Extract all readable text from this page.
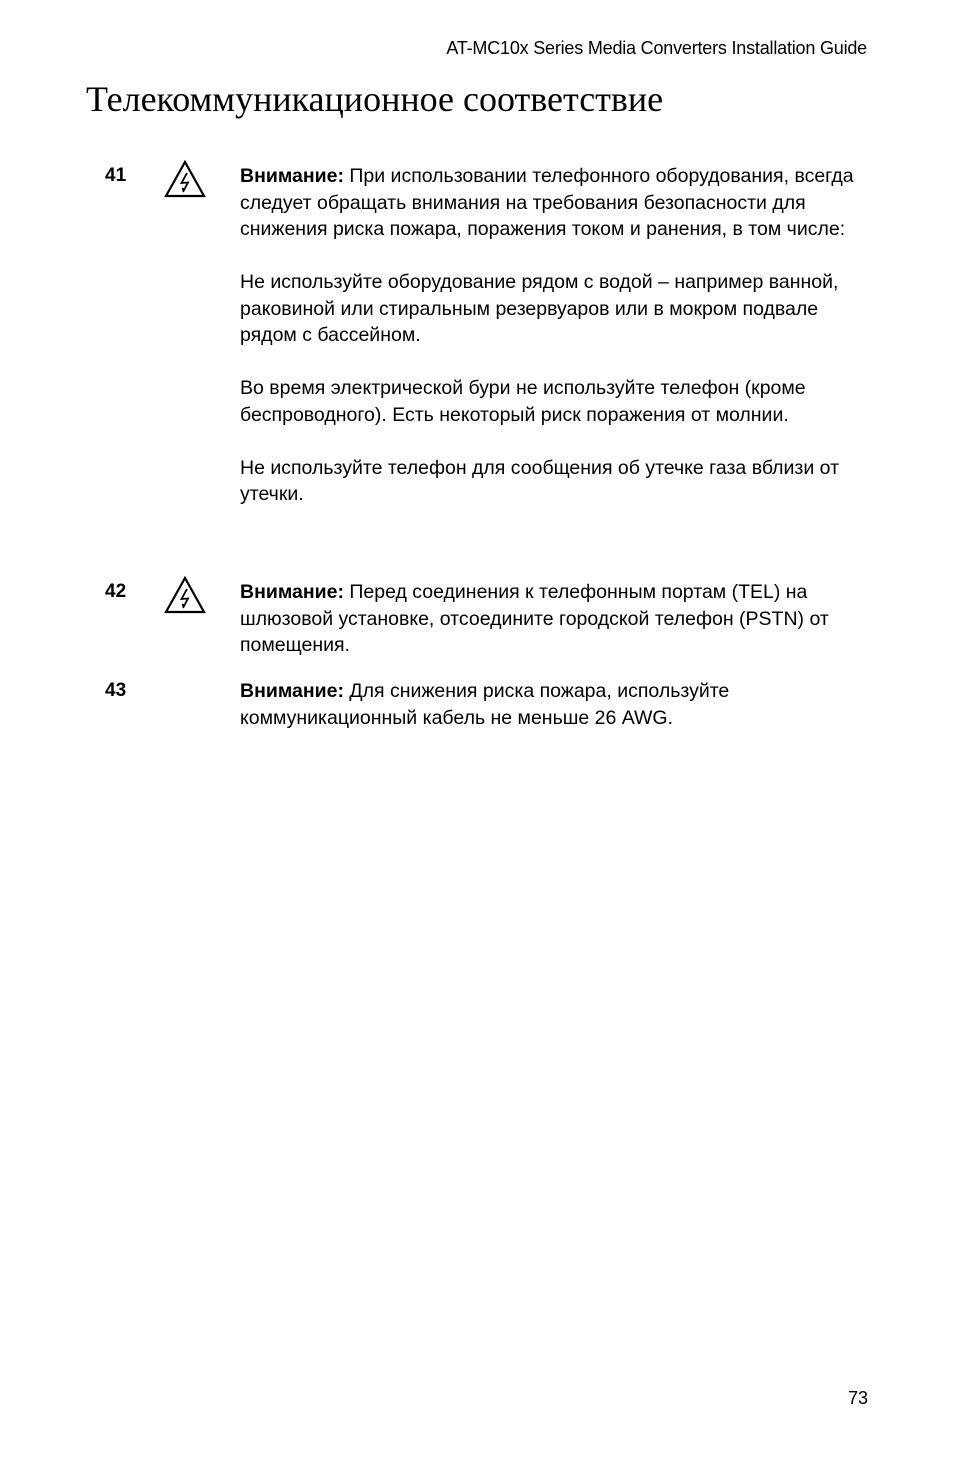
AT-MC10x Series Media Converters Installation Guide
Телекоммуникационное соответствие
41	Внимание: При использовании телефонного оборудования, всегда следует обращать внимания на требования безопасности для снижения риска пожара, поражения током и ранения, в том числе:

Не используйте оборудование рядом с водой – например ванной, раковиной или стиральным резервуаров или в мокром подвале рядом с бассейном.

Во время электрической бури не используйте телефон (кроме беспроводного). Есть некоторый риск поражения от молнии.

Не используйте телефон для сообщения об утечке газа вблизи от утечки.

42	Внимание: Перед соединения к телефонным портам (TEL) на шлюзовой установке, отсоедините городской телефон (PSTN) от помещения.

43	Внимание: Для снижения риска пожара, используйте коммуникационный кабель не меньше 26 AWG.

73
